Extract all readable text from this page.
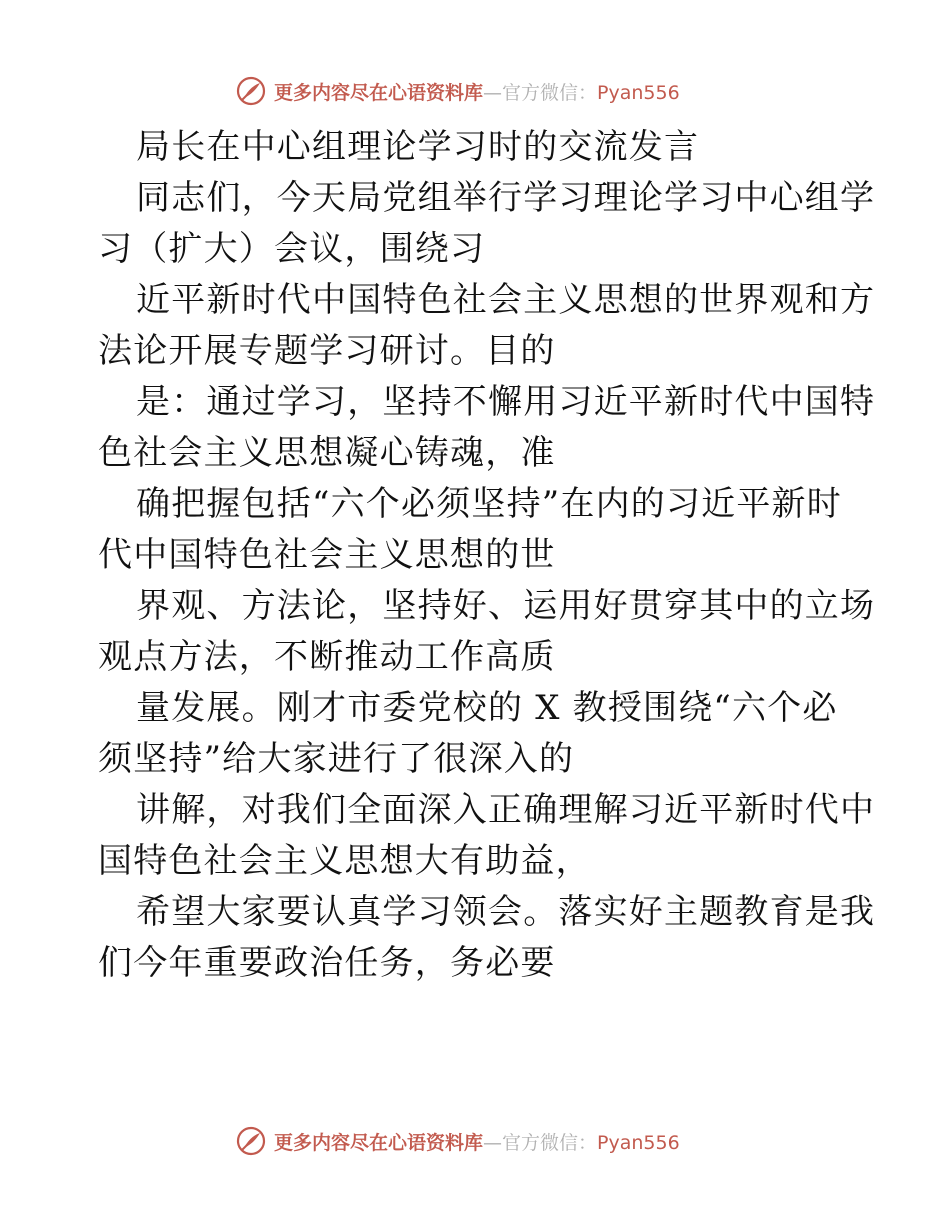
更多内容尽在心语资料库—官方微信：Pyan556
局长在中心组理论学习时的交流发言
同志们，今天局党组举行学习理论学习中心组学
习（扩大）会议，围绕习
近平新时代中国特色社会主义思想的世界观和方
法论开展专题学习研讨。目的
是：通过学习，坚持不懈用习近平新时代中国特
色社会主义思想凝心铸魂，准
确把握包括“六个必须坚持”在内的习近平新时
代中国特色社会主义思想的世
界观、方法论，坚持好、运用好贯穿其中的立场
观点方法，不断推动工作高质
量发展。刚才市委党校的 X 教授围绕“六个必
须坚持”给大家进行了很深入的
讲解，对我们全面深入正确理解习近平新时代中
国特色社会主义思想大有助益，
希望大家要认真学习领会。落实好主题教育是我
们今年重要政治任务，务必要
更多内容尽在心语资料库—官方微信：Pyan556
